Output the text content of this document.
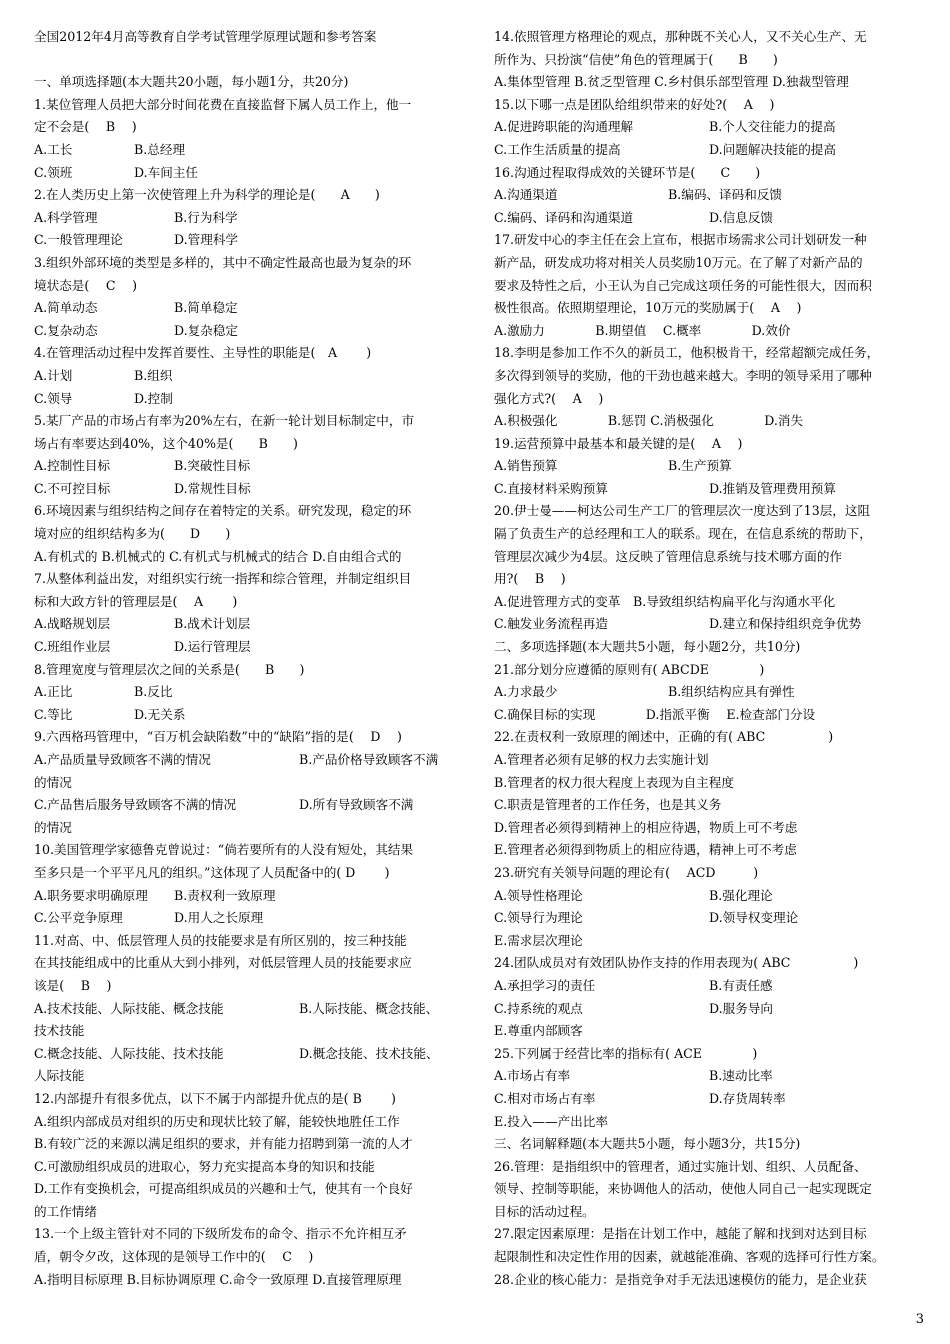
全国2012年4月高等教育自学考试管理学原理试题和参考答案
一、单项选择题(本大题共20小题，每小题1分，共20分)
1.某位管理人员把大部分时间花费在直接监督下属人员工作上，他一
定不会是(　 B 　)
A.工长	B.总经理
C.领班	D.车间主任
2.在人类历史上第一次使管理上升为科学的理论是(　　A　　)
A.科学管理	B.行为科学
C.一般管理理论	D.管理科学
3.组织外部环境的类型是多样的，其中不确定性最高也最为复杂的环
境状态是(　 C 　)
A.简单动态	B.简单稳定
C.复杂动态	D.复杂稳定
4.在管理活动过程中发挥首要性、主导性的职能是(　A 　　)
A.计划	B.组织
C.领导	D.控制
5.某厂产品的市场占有率为20%左右，在新一轮计划目标制定中，市
场占有率要达到40%，这个40%是(　　B　　)
A.控制性目标	B.突破性目标
C.不可控目标	D.常规性目标
6.环境因素与组织结构之间存在着特定的关系。研究发现，稳定的环
境对应的组织结构多为(　　D　　)
A.有机式的 B.机械式的 C.有机式与机械式的结合 D.自由组合式的
7.从整体利益出发，对组织实行统一指挥和综合管理，并制定组织目
标和大政方针的管理层是(　 A 　　)
A.战略规划层	B.战术计划层
C.班组作业层	D.运行管理层
8.管理宽度与管理层次之间的关系是(　　B　　)
A.正比	B.反比
C.等比	D.无关系
9.六西格玛管理中，“百万机会缺陷数”中的“缺陷”指的是(　 D 　)
A.产品质量导致顾客不满的情况	B.产品价格导致顾客不满
的情况
C.产品售后服务导致顾客不满的情况	D.所有导致顾客不满
的情况
10.美国管理学家德鲁克曾说过：“倘若要所有的人没有短处，其结果
至多只是一个平平凡凡的组织。”这体现了人员配备中的( D 　　)
A.职务要求明确原理 B.责权利一致原理
C.公平竞争原理	D.用人之长原理
11.对高、中、低层管理人员的技能要求是有所区别的，按三种技能
在其技能组成中的比重从大到小排列，对低层管理人员的技能要求应
该是(　 B 　)
A.技术技能、人际技能、概念技能	B.人际技能、概念技能、
技术技能
C.概念技能、人际技能、技术技能	D.概念技能、技术技能、
人际技能
12.内部提升有很多优点，以下不属于内部提升优点的是( B 　　)
A.组织内部成员对组织的历史和现状比较了解，能较快地胜任工作
B.有较广泛的来源以满足组织的要求，并有能力招聘到第一流的人才
C.可激励组织成员的进取心，努力充实提高本身的知识和技能
D.工作有变换机会，可提高组织成员的兴趣和士气，使其有一个良好
的工作情绪
13.一个上级主管针对不同的下级所发布的命令、指示不允许相互矛
盾，朝令夕改，这体现的是领导工作中的(　 C 　)
A.指明目标原理 B.目标协调原理 C.命令一致原理 D.直接管理原理
14.依照管理方格理论的观点，那种既不关心人，又不关心生产、无
所作为、只扮演“信使”角色的管理属于(　　B　　)
A.集体型管理 B.贫乏型管理 C.乡村俱乐部型管理 D.独裁型管理
15.以下哪一点是团队给组织带来的好处?(　 A 　)
A.促进跨职能的沟通理解	B.个人交往能力的提高
C.工作生活质量的提高	D.问题解决技能的提高
16.沟通过程取得成效的关键环节是(　　C　　)
A.沟通渠道	B.编码、译码和反馈
C.编码、译码和沟通渠道	D.信息反馈
17.研发中心的李主任在会上宣布，根据市场需求公司计划研发一种
新产品，研发成功将对相关人员奖励10万元。在了解了对新产品的
要求及特性之后，小王认为自己完成这项任务的可能性很大，因而积
极性很高。依照期望理论，10万元的奖励属于(　 A 　)
A.激励力　　　　B.期望值　 C.概率　　　　D.效价
18.李明是参加工作不久的新员工，他积极肯干，经常超额完成任务，
多次得到领导的奖励，他的干劲也越来越大。李明的领导采用了哪种
强化方式?(　 A 　)
A.积极强化　　　　B.惩罚 C.消极强化　　　　D.消失
19.运营预算中最基本和最关键的是(　 A 　)
A.销售预算	B.生产预算
C.直接材料采购预算	D.推销及管理费用预算
20.伊士曼——柯达公司生产工厂的管理层次一度达到了13层，这阻
隔了负责生产的总经理和工人的联系。现在，在信息系统的帮助下，
管理层次减少为4层。这反映了管理信息系统与技术哪方面的作
用?(　 B 　)
A.促进管理方式的变革　B.导致组织结构扁平化与沟通水平化
C.触发业务流程再造	D.建立和保持组织竞争优势
二、多项选择题(本大题共5小题，每小题2分，共10分)
21.部分划分应遵循的原则有( ABCDE　　　　)
A.力求最少	B.组织结构应具有弹性
C.确保目标的实现　　　　D.指派平衡　 E.检查部门分设
22.在责权利一致原理的阐述中，正确的有( ABC　　　　　)
A.管理者必须有足够的权力去实施计划
B.管理者的权力很大程度上表现为自主程度
C.职责是管理者的工作任务，也是其义务
D.管理者必须得到精神上的相应待遇，物质上可不考虑
E.管理者必须得到物质上的相应待遇，精神上可不考虑
23.研究有关领导问题的理论有(　 ACD　　　)
A.领导性格理论	B.强化理论
C.领导行为理论	D.领导权变理论
E.需求层次理论
24.团队成员对有效团队协作支持的作用表现为( ABC　　　　　)
A.承担学习的责任	B.有责任感
C.持系统的观点	D.服务导向
E.尊重内部顾客
25.下列属于经营比率的指标有( ACE　　　　)
A.市场占有率	B.速动比率
C.相对市场占有率	D.存货周转率
E.投入——产出比率
三、名词解释题(本大题共5小题，每小题3分，共15分)
26.管理：是指组织中的管理者，通过实施计划、组织、人员配备、
领导、控制等职能，来协调他人的活动，使他人同自己一起实现既定
目标的活动过程。
27.限定因素原理：是指在计划工作中，越能了解和找到对达到目标
起限制性和决定性作用的因素，就越能准确、客观的选择可行性方案。
28.企业的核心能力：是指竞争对手无法迅速模仿的能力，是企业获
3
